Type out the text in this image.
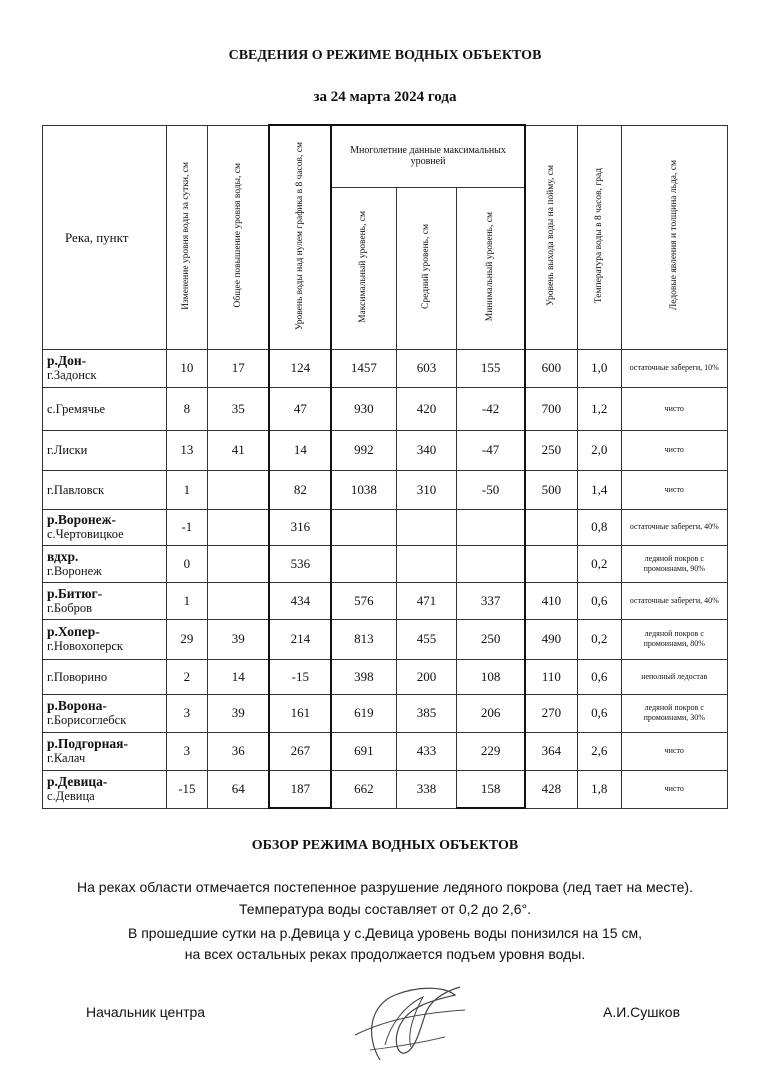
СВЕДЕНИЯ О РЕЖИМЕ ВОДНЫХ ОБЪЕКТОВ
за 24 марта 2024 года
Река, пункт	Изменение уровня воды за сутки, см	Общее повышение уровня воды, см	Уровень воды над нулем графика в 8 часов, см	Многолетние данные максимальных уровней			Уровень выхода воды на пойму, см	Температура воды в 8 часов, град	Ледовые явления и толщина льда, см
				Максимальный уровень, см	Средний уровень, см	Минимальный уровень, см			
р.Дон-
г.Задонск	10	17	124	1457	603	155	600	1,0	остаточные забереги, 10%
с.Гремячье	8	35	47	930	420	-42	700	1,2	чисто
г.Лиски	13	41	14	992	340	-47	250	2,0	чисто
г.Павловск	1		82	1038	310	-50	500	1,4	чисто
р.Воронеж-
с.Чертовицкое	-1		316					0,8	остаточные забереги, 40%
вдхр.
г.Воронеж	0		536					0,2	ледяной покров с промоинами, 90%
р.Битюг-
г.Бобров	1		434	576	471	337	410	0,6	остаточные забереги, 40%
р.Хопер-
г.Новохоперск	29	39	214	813	455	250	490	0,2	ледяной покров с промоинами, 80%
г.Поворино	2	14	-15	398	200	108	110	0,6	неполный ледостав
р.Ворона-
г.Борисоглебск	3	39	161	619	385	206	270	0,6	ледяной покров с промоинами, 30%
р.Подгорная-
г.Калач	3	36	267	691	433	229	364	2,6	чисто
р.Девица-
с.Девица	-15	64	187	662	338	158	428	1,8	чисто
ОБЗОР РЕЖИМА ВОДНЫХ ОБЪЕКТОВ
На реках области отмечается постепенное разрушение ледяного покрова (лед тает на месте).
Температура воды составляет от 0,2 до 2,6°.
В прошедшие сутки на р.Девица у с.Девица уровень воды понизился на 15 см,
на всех остальных реках продолжается подъем уровня воды.
Начальник центра	А.И.Сушков
